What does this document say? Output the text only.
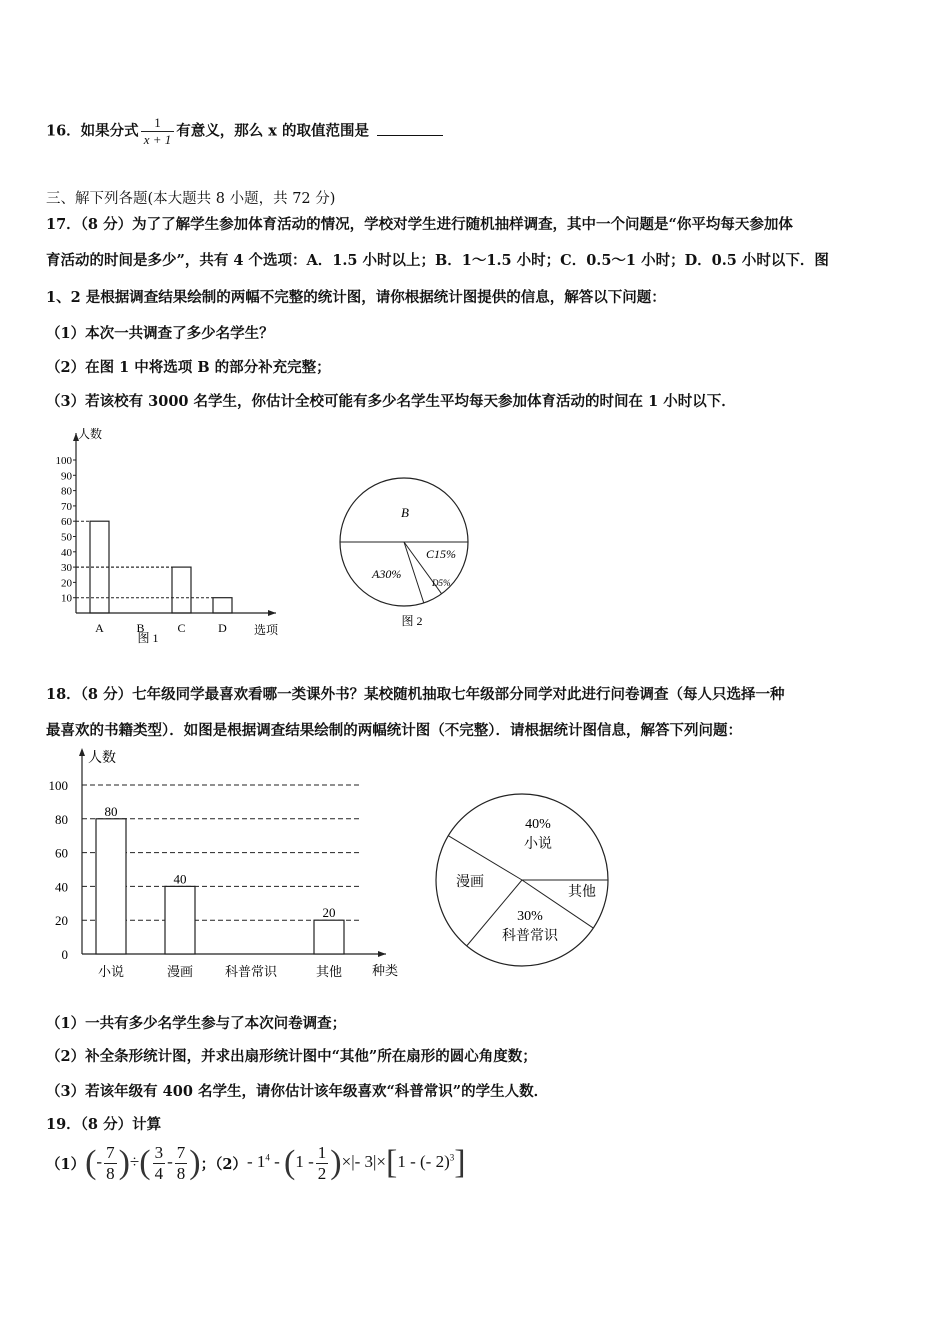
16．如果分式 $\frac{1}{x + 1}$ 有意义，那么 x 的取值范围是
三、解下列各题(本大题共 8 小题，共 72 分)
17．（8 分）为了了解学生参加体育活动的情况，学校对学生进行随机抽样调查，其中一个问题是“你平均每天参加体
育活动的时间是多少”，共有 4 个选项：A．1.5 小时以上；B．1～1.5 小时；C．0.5～1 小时；D．0.5 小时以下．图
1、2 是根据调查结果绘制的两幅不完整的统计图，请你根据统计图提供的信息，解答以下问题：
（1）本次一共调查了多少名学生？
（2）在图 1 中将选项 B 的部分补充完整；
（3）若该校有 3000 名学生，你估计全校可能有多少名学生平均每天参加体育活动的时间在 1 小时以下．
人数
选项
10
20
30
40
50
60
70
80
90
100
A	B	C	D
图 1
B
C15%
D5%
A30%
图 2
18．（8 分）七年级同学最喜欢看哪一类课外书？某校随机抽取七年级部分同学对此进行问卷调查（每人只选择一种
最喜欢的书籍类型）．如图是根据调查结果绘制的两幅统计图（不完整）．请根据统计图信息，解答下列问题：
人数
种类
0
20
40
60
80
100
80
小说
40
漫画 科普常识
20
其他
40%
小说
其他
30%
科普常识
漫画
（1）一共有多少名学生参与了本次问卷调查；
（2）补全条形统计图，并求出扇形统计图中“其他”所在扇形的圆心角度数；
（3）若该年级有 400 名学生，请你估计该年级喜欢“科普常识”的学生人数．
19．（8 分）计算
$(1)(- \frac{7}{8}$ )÷( $\frac{3}{4} - \frac{7}{8}$ )；（2）- $1^4 - (1 - \frac{1}{2}$ )×|- 3|×[1 - (- 2)$^3$]
